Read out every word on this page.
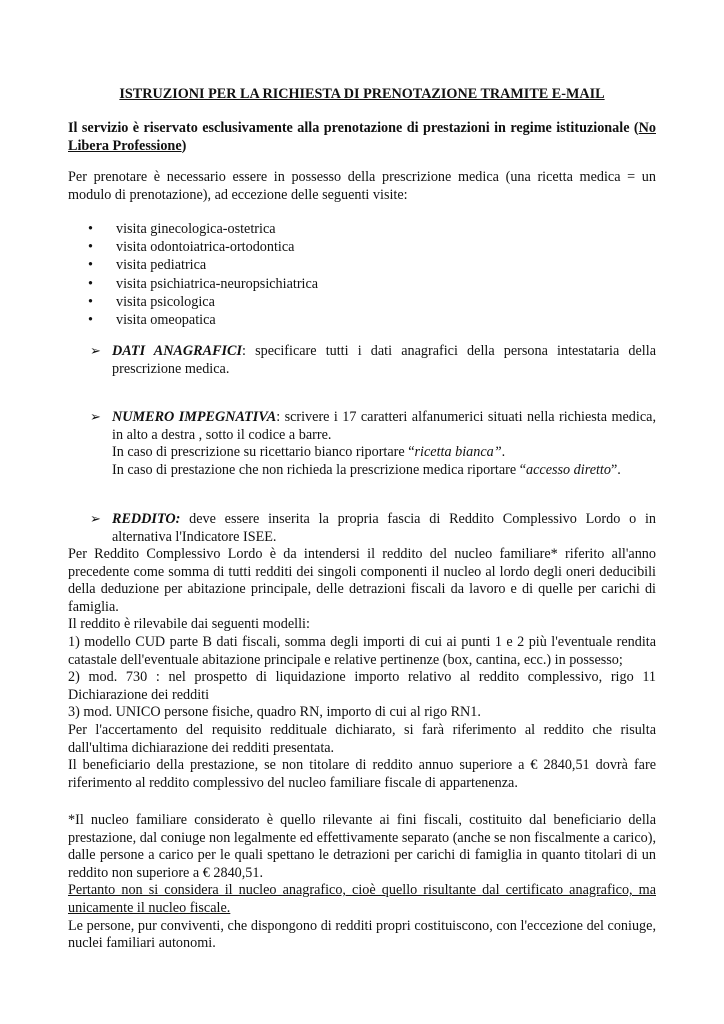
ISTRUZIONI PER LA RICHIESTA DI PRENOTAZIONE TRAMITE E-MAIL
Il servizio è riservato esclusivamente alla prenotazione di prestazioni in regime istituzionale (No Libera Professione)
Per prenotare è necessario essere in possesso della prescrizione medica (una ricetta medica = un modulo di prenotazione), ad eccezione delle seguenti visite:
• visita ginecologica-ostetrica
• visita odontoiatrica-ortodontica
• visita pediatrica
• visita psichiatrica-neuropsichiatrica
• visita psicologica
• visita omeopatica
➢ DATI ANAGRAFICI: specificare tutti i dati anagrafici della persona intestataria della prescrizione medica.
➢ NUMERO IMPEGNATIVA: scrivere i 17 caratteri alfanumerici situati nella richiesta medica, in alto a destra , sotto il codice a barre.
In caso di prescrizione su ricettario bianco riportare “ricetta bianca”.
In caso di prestazione che non richieda la prescrizione medica riportare “accesso diretto”.
➢ REDDITO: deve essere inserita la propria fascia di Reddito Complessivo Lordo o in alternativa l'Indicatore ISEE.
Per Reddito Complessivo Lordo è da intendersi il reddito del nucleo familiare* riferito all'anno precedente come somma di tutti redditi dei singoli componenti il nucleo al lordo degli oneri deducibili della deduzione per abitazione principale, delle detrazioni fiscali da lavoro e di quelle per carichi di famiglia.
Il reddito è rilevabile dai seguenti modelli:
1) modello CUD parte B dati fiscali, somma degli importi di cui ai punti 1 e 2 più l'eventuale rendita catastale dell'eventuale abitazione principale e relative pertinenze (box, cantina, ecc.) in possesso;
2) mod. 730 : nel prospetto di liquidazione importo relativo al reddito complessivo, rigo 11 Dichiarazione dei redditi
3) mod. UNICO persone fisiche, quadro RN, importo di cui al rigo RN1.
Per l'accertamento del requisito reddituale dichiarato, si farà riferimento al reddito che risulta dall'ultima dichiarazione dei redditi presentata.
Il beneficiario della prestazione, se non titolare di reddito annuo superiore a € 2840,51 dovrà fare riferimento al reddito complessivo del nucleo familiare fiscale di appartenenza.
*Il nucleo familiare considerato è quello rilevante ai fini fiscali, costituito dal beneficiario della prestazione, dal coniuge non legalmente ed effettivamente separato (anche se non fiscalmente a carico), dalle persone a carico per le quali spettano le detrazioni per carichi di famiglia in quanto titolari di un reddito non superiore a € 2840,51.
Pertanto non si considera il nucleo anagrafico, cioè quello risultante dal certificato anagrafico, ma unicamente il nucleo fiscale.
Le persone, pur conviventi, che dispongono di redditi propri costituiscono, con l'eccezione del coniuge, nuclei familiari autonomi.
